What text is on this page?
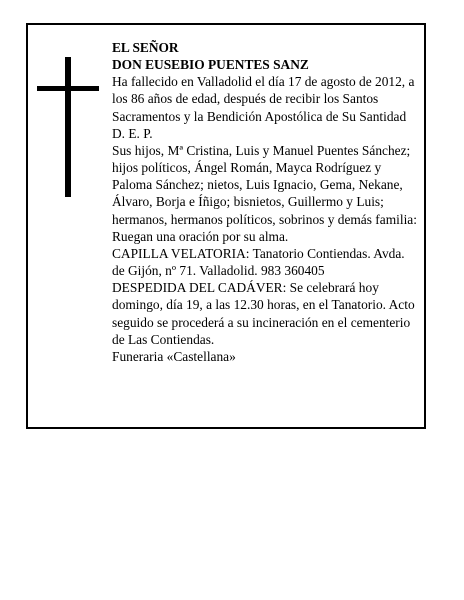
EL SEÑOR

DON EUSEBIO PUENTES SANZ

Ha fallecido en Valladolid el día 17 de agosto de 2012, a los 86 años de edad, después de recibir los Santos Sacramentos y la Bendición Apostólica de Su Santidad D. E. P.

Sus hijos, Mª Cristina, Luis y Manuel Puentes Sánchez; hijos políticos, Ángel Román, Mayca Rodríguez y Paloma Sánchez; nietos, Luis Ignacio, Gema, Nekane, Álvaro, Borja e Íñigo; bisnietos, Guillermo y Luis; hermanos, hermanos políticos, sobrinos y demás familia:

Ruegan una oración por su alma.

CAPILLA VELATORIA: Tanatorio Contiendas. Avda. de Gijón, nº 71. Valladolid. 983 360405

DESPEDIDA DEL CADÁVER: Se celebrará hoy domingo, día 19, a las 12.30 horas, en el Tanatorio. Acto seguido se procederá a su incineración en el cementerio de Las Contiendas.

Funeraria «Castellana»
